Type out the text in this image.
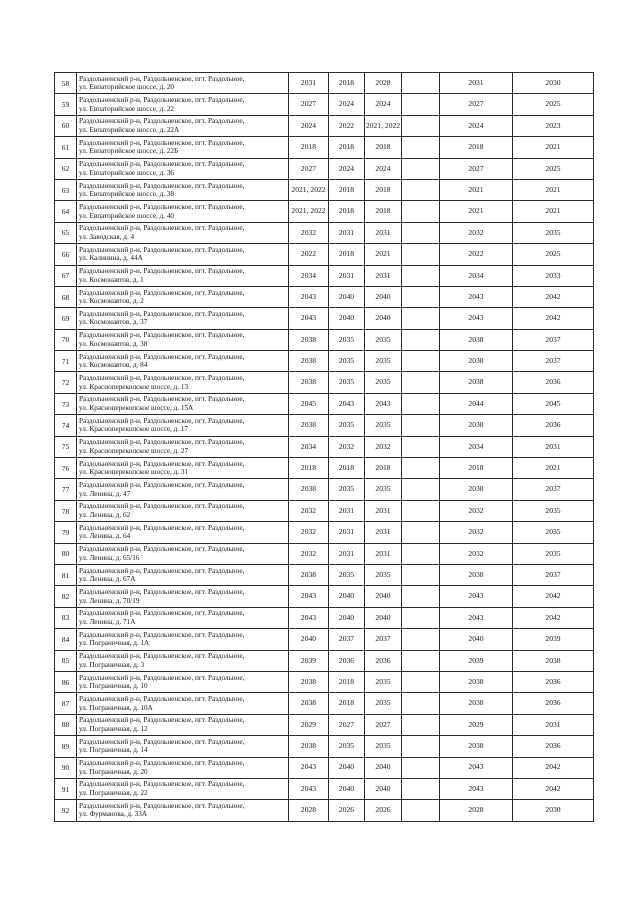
58	Раздольненский р-н, Раздольненское, пгт. Раздольное,
ул. Евпаторийское шоссе, д. 20	2031	2018	2028		2031	2030
59	Раздольненский р-н, Раздольненское, пгт. Раздольное,
ул. Евпаторийское шоссе, д. 22	2027	2024	2024		2027	2025
60	Раздольненский р-н, Раздольненское, пгт. Раздольное,
ул. Евпаторийское шоссе, д. 22А	2024	2022	2021, 2022		2024	2023
61	Раздольненский р-н, Раздольненское, пгт. Раздольное,
ул. Евпаторийское шоссе, д. 22Б	2018	2018	2018		2018	2021
62	Раздольненский р-н, Раздольненское, пгт. Раздольное,
ул. Евпаторийское шоссе, д. 36	2027	2024	2024		2027	2025
63	Раздольненский р-н, Раздольненское, пгт. Раздольное,
ул. Евпаторийское шоссе, д. 38	2021, 2022	2018	2018		2021	2021
64	Раздольненский р-н, Раздольненское, пгт. Раздольное,
ул. Евпаторийское шоссе, д. 40	2021, 2022	2018	2018		2021	2021
65	Раздольненский р-н, Раздольненское, пгт. Раздольное,
ул. Заводская, д. 4	2032	2031	2031		2032	2035
66	Раздольненский р-н, Раздольненское, пгт. Раздольное,
ул. Калинина, д. 44А	2022	2018	2021		2022	2025
67	Раздольненский р-н, Раздольненское, пгт. Раздольное,
ул. Космонавтов, д. 1	2034	2031	2031		2034	2033
68	Раздольненский р-н, Раздольненское, пгт. Раздольное,
ул. Космонавтов, д. 2	2043	2040	2040		2043	2042
69	Раздольненский р-н, Раздольненское, пгт. Раздольное,
ул. Космонавтов, д. 37	2043	2040	2040		2043	2042
70	Раздольненский р-н, Раздольненское, пгт. Раздольное,
ул. Космонавтов, д. 38	2038	2035	2035		2038	2037
71	Раздольненский р-н, Раздольненское, пгт. Раздольное,
ул. Космонавтов, д. 84	2038	2035	2035		2038	2037
72	Раздольненский р-н, Раздольненское, пгт. Раздольное,
ул. Красноперекопское шоссе, д. 13	2038	2035	2035		2038	2036
73	Раздольненский р-н, Раздольненское, пгт. Раздольное,
ул. Красноперекопское шоссе, д. 15А	2045	2043	2043		2044	2045
74	Раздольненский р-н, Раздольненское, пгт. Раздольное,
ул. Красноперекопское шоссе, д. 17	2038	2035	2035		2038	2036
75	Раздольненский р-н, Раздольненское, пгт. Раздольное,
ул. Красноперекопское шоссе, д. 27	2034	2032	2032		2034	2031
76	Раздольненский р-н, Раздольненское, пгт. Раздольное,
ул. Красноперекопское шоссе, д. 31	2018	2018	2018		2018	2021
77	Раздольненский р-н, Раздольненское, пгт. Раздольное,
ул. Ленина, д. 47	2038	2035	2035		2038	2037
78	Раздольненский р-н, Раздольненское, пгт. Раздольное,
ул. Ленина, д. 62	2032	2031	2031		2032	2035
79	Раздольненский р-н, Раздольненское, пгт. Раздольное,
ул. Ленина, д. 64	2032	2031	2031		2032	2035
80	Раздольненский р-н, Раздольненское, пгт. Раздольное,
ул. Ленина, д. 65/16	2032	2031	2031		2032	2035
81	Раздольненский р-н, Раздольненское, пгт. Раздольное,
ул. Ленина, д. 67А	2038	2035	2035		2038	2037
82	Раздольненский р-н, Раздольненское, пгт. Раздольное,
ул. Ленина, д. 70/19	2043	2040	2040		2043	2042
83	Раздольненский р-н, Раздольненское, пгт. Раздольное,
ул. Ленина, д. 71А	2043	2040	2040		2043	2042
84	Раздольненский р-н, Раздольненское, пгт. Раздольное,
ул. Пограничная, д. 1А	2040	2037	2037		2040	2039
85	Раздольненский р-н, Раздольненское, пгт. Раздольное,
ул. Пограничная, д. 3	2039	2036	2036		2039	2038
86	Раздольненский р-н, Раздольненское, пгт. Раздольное,
ул. Пограничная, д. 10	2038	2018	2035		2038	2036
87	Раздольненский р-н, Раздольненское, пгт. Раздольное,
ул. Пограничная, д. 10А	2038	2018	2035		2038	2036
88	Раздольненский р-н, Раздольненское, пгт. Раздольное,
ул. Пограничная, д. 12	2029	2027	2027		2029	2031
89	Раздольненский р-н, Раздольненское, пгт. Раздольное,
ул. Пограничная, д. 14	2038	2035	2035		2038	2036
90	Раздольненский р-н, Раздольненское, пгт. Раздольное,
ул. Пограничная, д. 20	2043	2040	2040		2043	2042
91	Раздольненский р-н, Раздольненское, пгт. Раздольное,
ул. Пограничная, д. 22	2043	2040	2040		2043	2042
92	Раздольненский р-н, Раздольненское, пгт. Раздольное,
ул. Фурманова, д. 33А	2028	2026	2026		2028	2030
